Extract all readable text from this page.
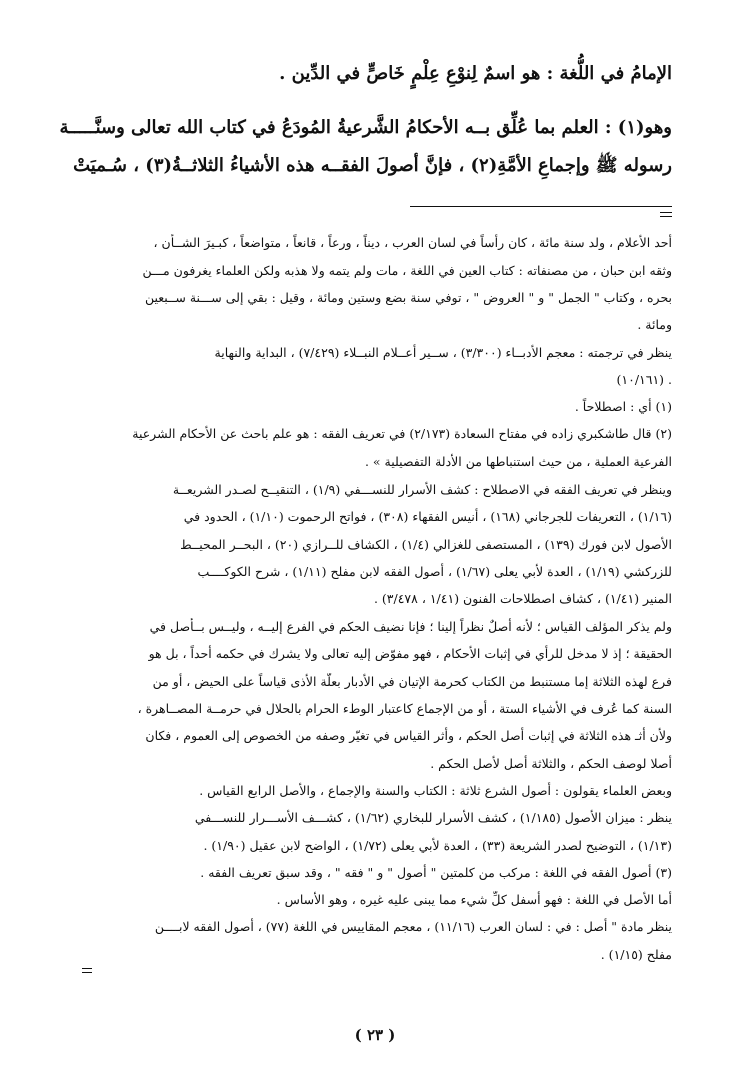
الإمامُ في اللُّغة : هو اسمٌ لِنوْعِ عِلْمٍ خَاصٍّ في الدِّين .
وهو(١) : العلم بما عُلِّق بــه الأحكامُ الشَّرعيةُ المُودَعُ في كتاب الله تعالى وسنَّـــــة
رسوله ﷺ وإجماعِ الأمَّةِ(٢) ، فإنَّ أصولَ الفقــه هذه الأشياءُ الثلاثــةُ(٣) ، سُـميَتْ
أحد الأعلام ، ولد سنة مائة ، كان رأساً في لسان العرب ، ديناً ، ورعاً ، قانعاً ، متواضعاً ، كبـيرَ الشــأن ،
وثقه ابن حبان ، من مصنفاته : كتاب العين في اللغة ، مات ولم يتمه ولا هذبه ولكن العلماء يغرفون مـــن
بحره ، وكتاب " الجمل " و " العروض " ، توفي سنة بضع وستين ومائة ، وقيل : بقي إلى ســـنة ســبعين
ومائة .
ينظر في ترجمته : معجم الأدبــاء (٣/٣٠٠) ، ســير أعــلام النبــلاء (٧/٤٢٩) ، البداية والنهاية
(١٠/١٦١) .
(١) أي : اصطلاحاً .
(٢) قال طاشكبري زاده في مفتاح السعادة (٢/١٧٣) في تعريف الفقه : هو علم باحث عن الأحكام الشرعية
الفرعية العملية ، من حيث استنباطها من الأدلة التفصيلية » .
وينظر في تعريف الفقه في الاصطلاح : كشف الأسرار للنســـفي (١/٩) ، التنقيــح لصـدر الشريعــة
(١/١٦) ، التعريفات للجرجاني (١٦٨) ، أنيس الفقهاء (٣٠٨) ، فواتح الرحموت (١/١٠) ، الحدود في
الأصول لابن فورك (١٣٩) ، المستصفى للغزالي (١/٤) ، الكشاف للــرازي (٢٠) ، البحــر المحيــط
للزركشي (١/١٩) ، العدة لأبي يعلى (١/٦٧) ، أصول الفقه لابن مفلح (١/١١) ، شرح الكوكــــب
المنير (١/٤١) ، كشاف اصطلاحات الفنون (١/٤١ ، ٣/٤٧٨) .
ولم يذكر المؤلف القياس ؛ لأنه أصلٌ نظراً إلينا ؛ فإنا نضيف الحكم في الفرع إليــه ، وليــس بــأصل في
الحقيقة ؛ إذ لا مدخل للرأي في إثبات الأحكام ، فهو مفوّض إليه تعالى ولا يشرك في حكمه أحداً ، بل هو
فرع لهذه الثلاثة إما مستنبط من الكتاب كحرمة الإتيان في الأدبار بعلّة الأذى قياساً على الحيض ، أو من
السنة كما عُرف في الأشياء الستة ، أو من الإجماع كاعتبار الوطء الحرام بالحلال في حرمــة المصــاهرة ،
ولأن أثـ هذه الثلاثة في إثبات أصل الحكم ، وأثر القياس في تغيّر وصفه من الخصوص إلى العموم ، فكان
أصلا لوصف الحكم ، والثلاثة أصل لأصل الحكم .
وبعض العلماء يقولون : أُصول الشرع ثلاثة : الكتاب والسنة والإجماع ، والأصل الرابع القياس .
ينظر : ميزان الأصول (١/١٨٥) ، كشف الأسرار للبخاري (١/٦٢) ، كشـــف الأســـرار للنســـفي
(١/١٣) ، التوضيح لصدر الشريعة (٣٣) ، العدة لأبي يعلى (١/٧٢) ، الواضح لابن عقيل (١/٩٠) .
(٣) أصول الفقه في اللغة : مركب من كلمتين " أصول " و " فقه " ، وقد سبق تعريف الفقه .
أما الأصل في اللغة : فهو أسفل كلِّ شيء مما يبنى عليه غيره ، وهو الأساس .
ينظر مادة " أصل : في : لسان العرب (١١/١٦) ، معجم المقاييس في اللغة (٧٧) ، أصول الفقه لابــــن
مفلح (١/١٥) .
( ٢٣ )
